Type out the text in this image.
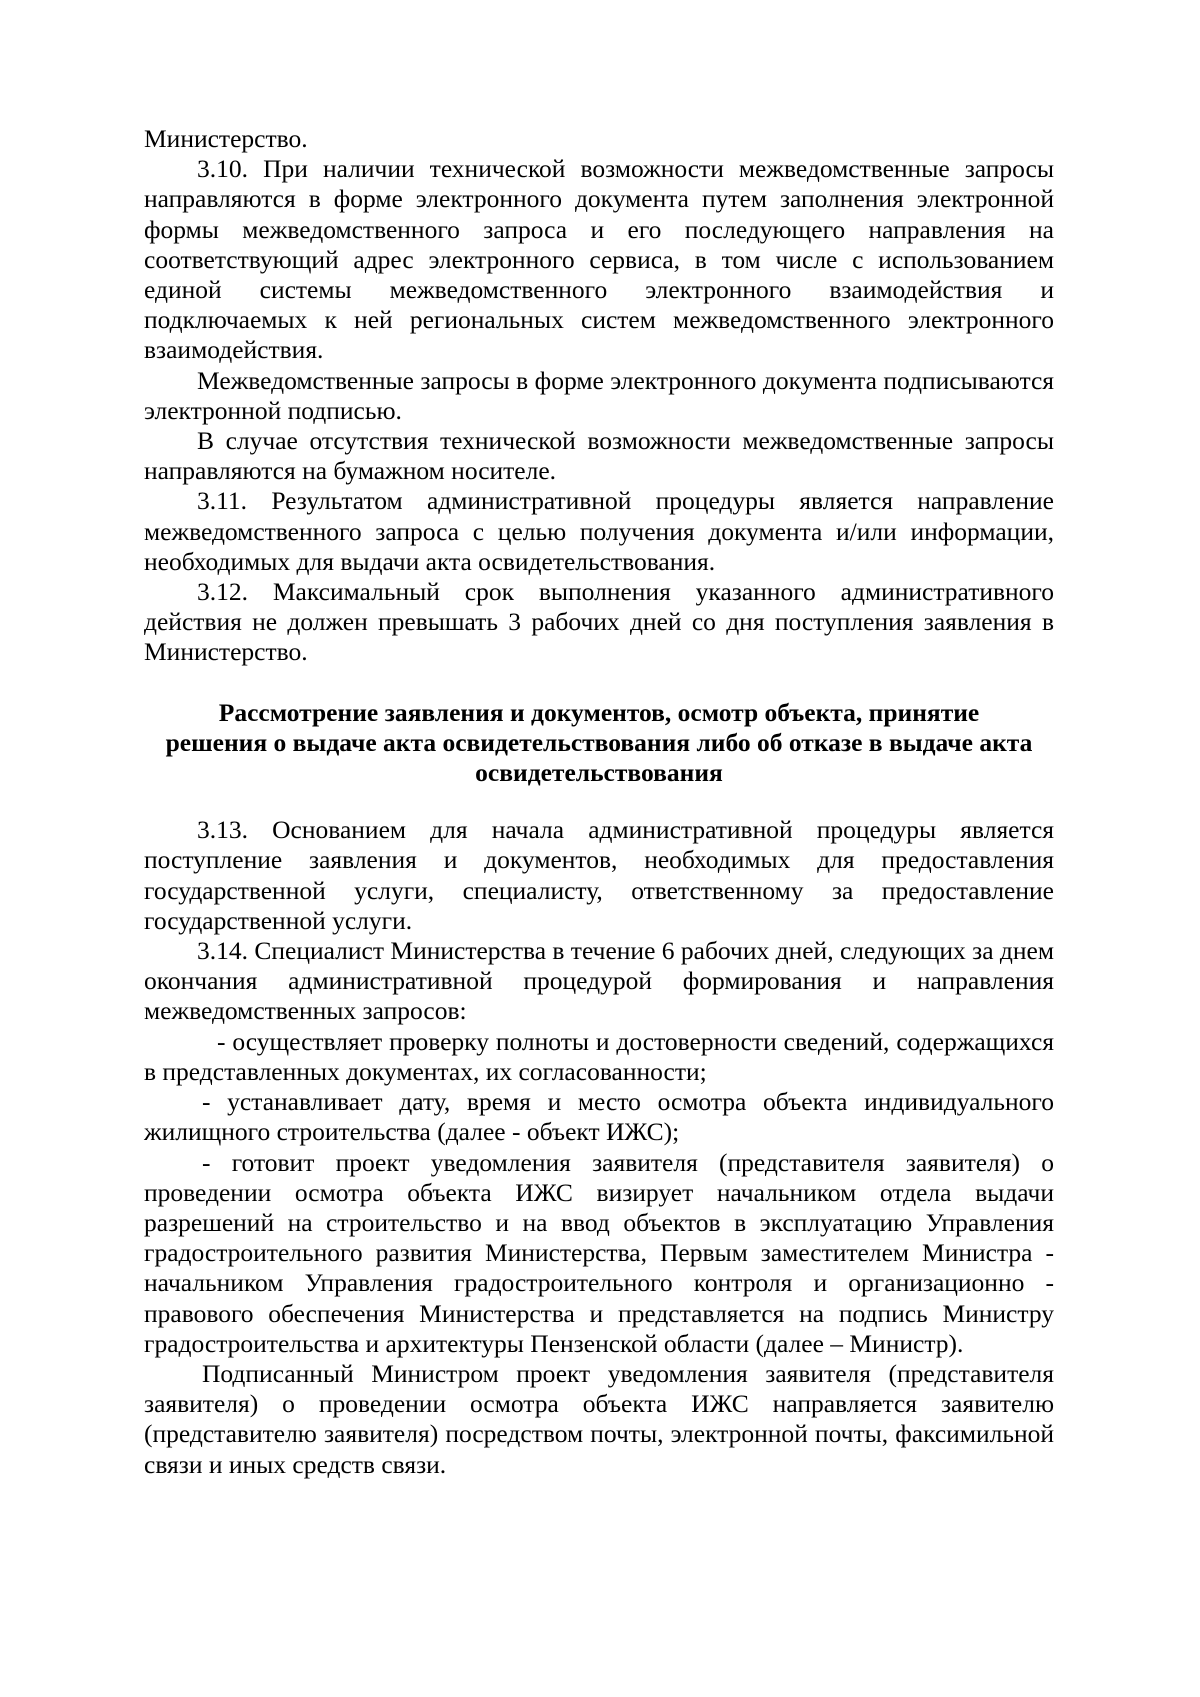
Министерство.

3.10. При наличии технической возможности межведомственные запросы направляются в форме электронного документа путем заполнения электронной формы межведомственного запроса и его последующего направления на соответствующий адрес электронного сервиса, в том числе с использованием единой системы межведомственного электронного взаимодействия и подключаемых к ней региональных систем межведомственного электронного взаимодействия.

Межведомственные запросы в форме электронного документа подписываются электронной подписью.

В случае отсутствия технической возможности межведомственные запросы направляются на бумажном носителе.

3.11. Результатом административной процедуры является направление межведомственного запроса с целью получения документа и/или информации, необходимых для выдачи акта освидетельствования.

3.12. Максимальный срок выполнения указанного административного действия не должен превышать 3 рабочих дней со дня поступления заявления в Министерство.

Рассмотрение заявления и документов, осмотр объекта, принятие

решения о выдаче акта освидетельствования либо об отказе в выдаче акта

освидетельствования

3.13. Основанием для начала административной процедуры является поступление заявления и документов, необходимых для предоставления государственной услуги, специалисту, ответственному за предоставление государственной услуги.

3.14. Специалист Министерства в течение 6 рабочих дней, следующих за днем окончания административной процедурой формирования и направления межведомственных запросов:

- осуществляет проверку полноты и достоверности сведений, содержащихся в представленных документах, их согласованности;

- устанавливает дату, время и место осмотра объекта индивидуального жилищного строительства (далее - объект ИЖС);

- готовит проект уведомления заявителя (представителя заявителя) о проведении осмотра объекта ИЖС визирует начальником отдела выдачи разрешений на строительство и на ввод объектов в эксплуатацию Управления градостроительного развития Министерства, Первым заместителем Министра - начальником Управления градостроительного контроля и организационно - правового обеспечения Министерства и представляется на подпись Министру градостроительства и архитектуры Пензенской области (далее – Министр).

Подписанный Министром проект уведомления заявителя (представителя заявителя) о проведении осмотра объекта ИЖС направляется заявителю (представителю заявителя) посредством почты, электронной почты, факсимильной связи и иных средств связи.
